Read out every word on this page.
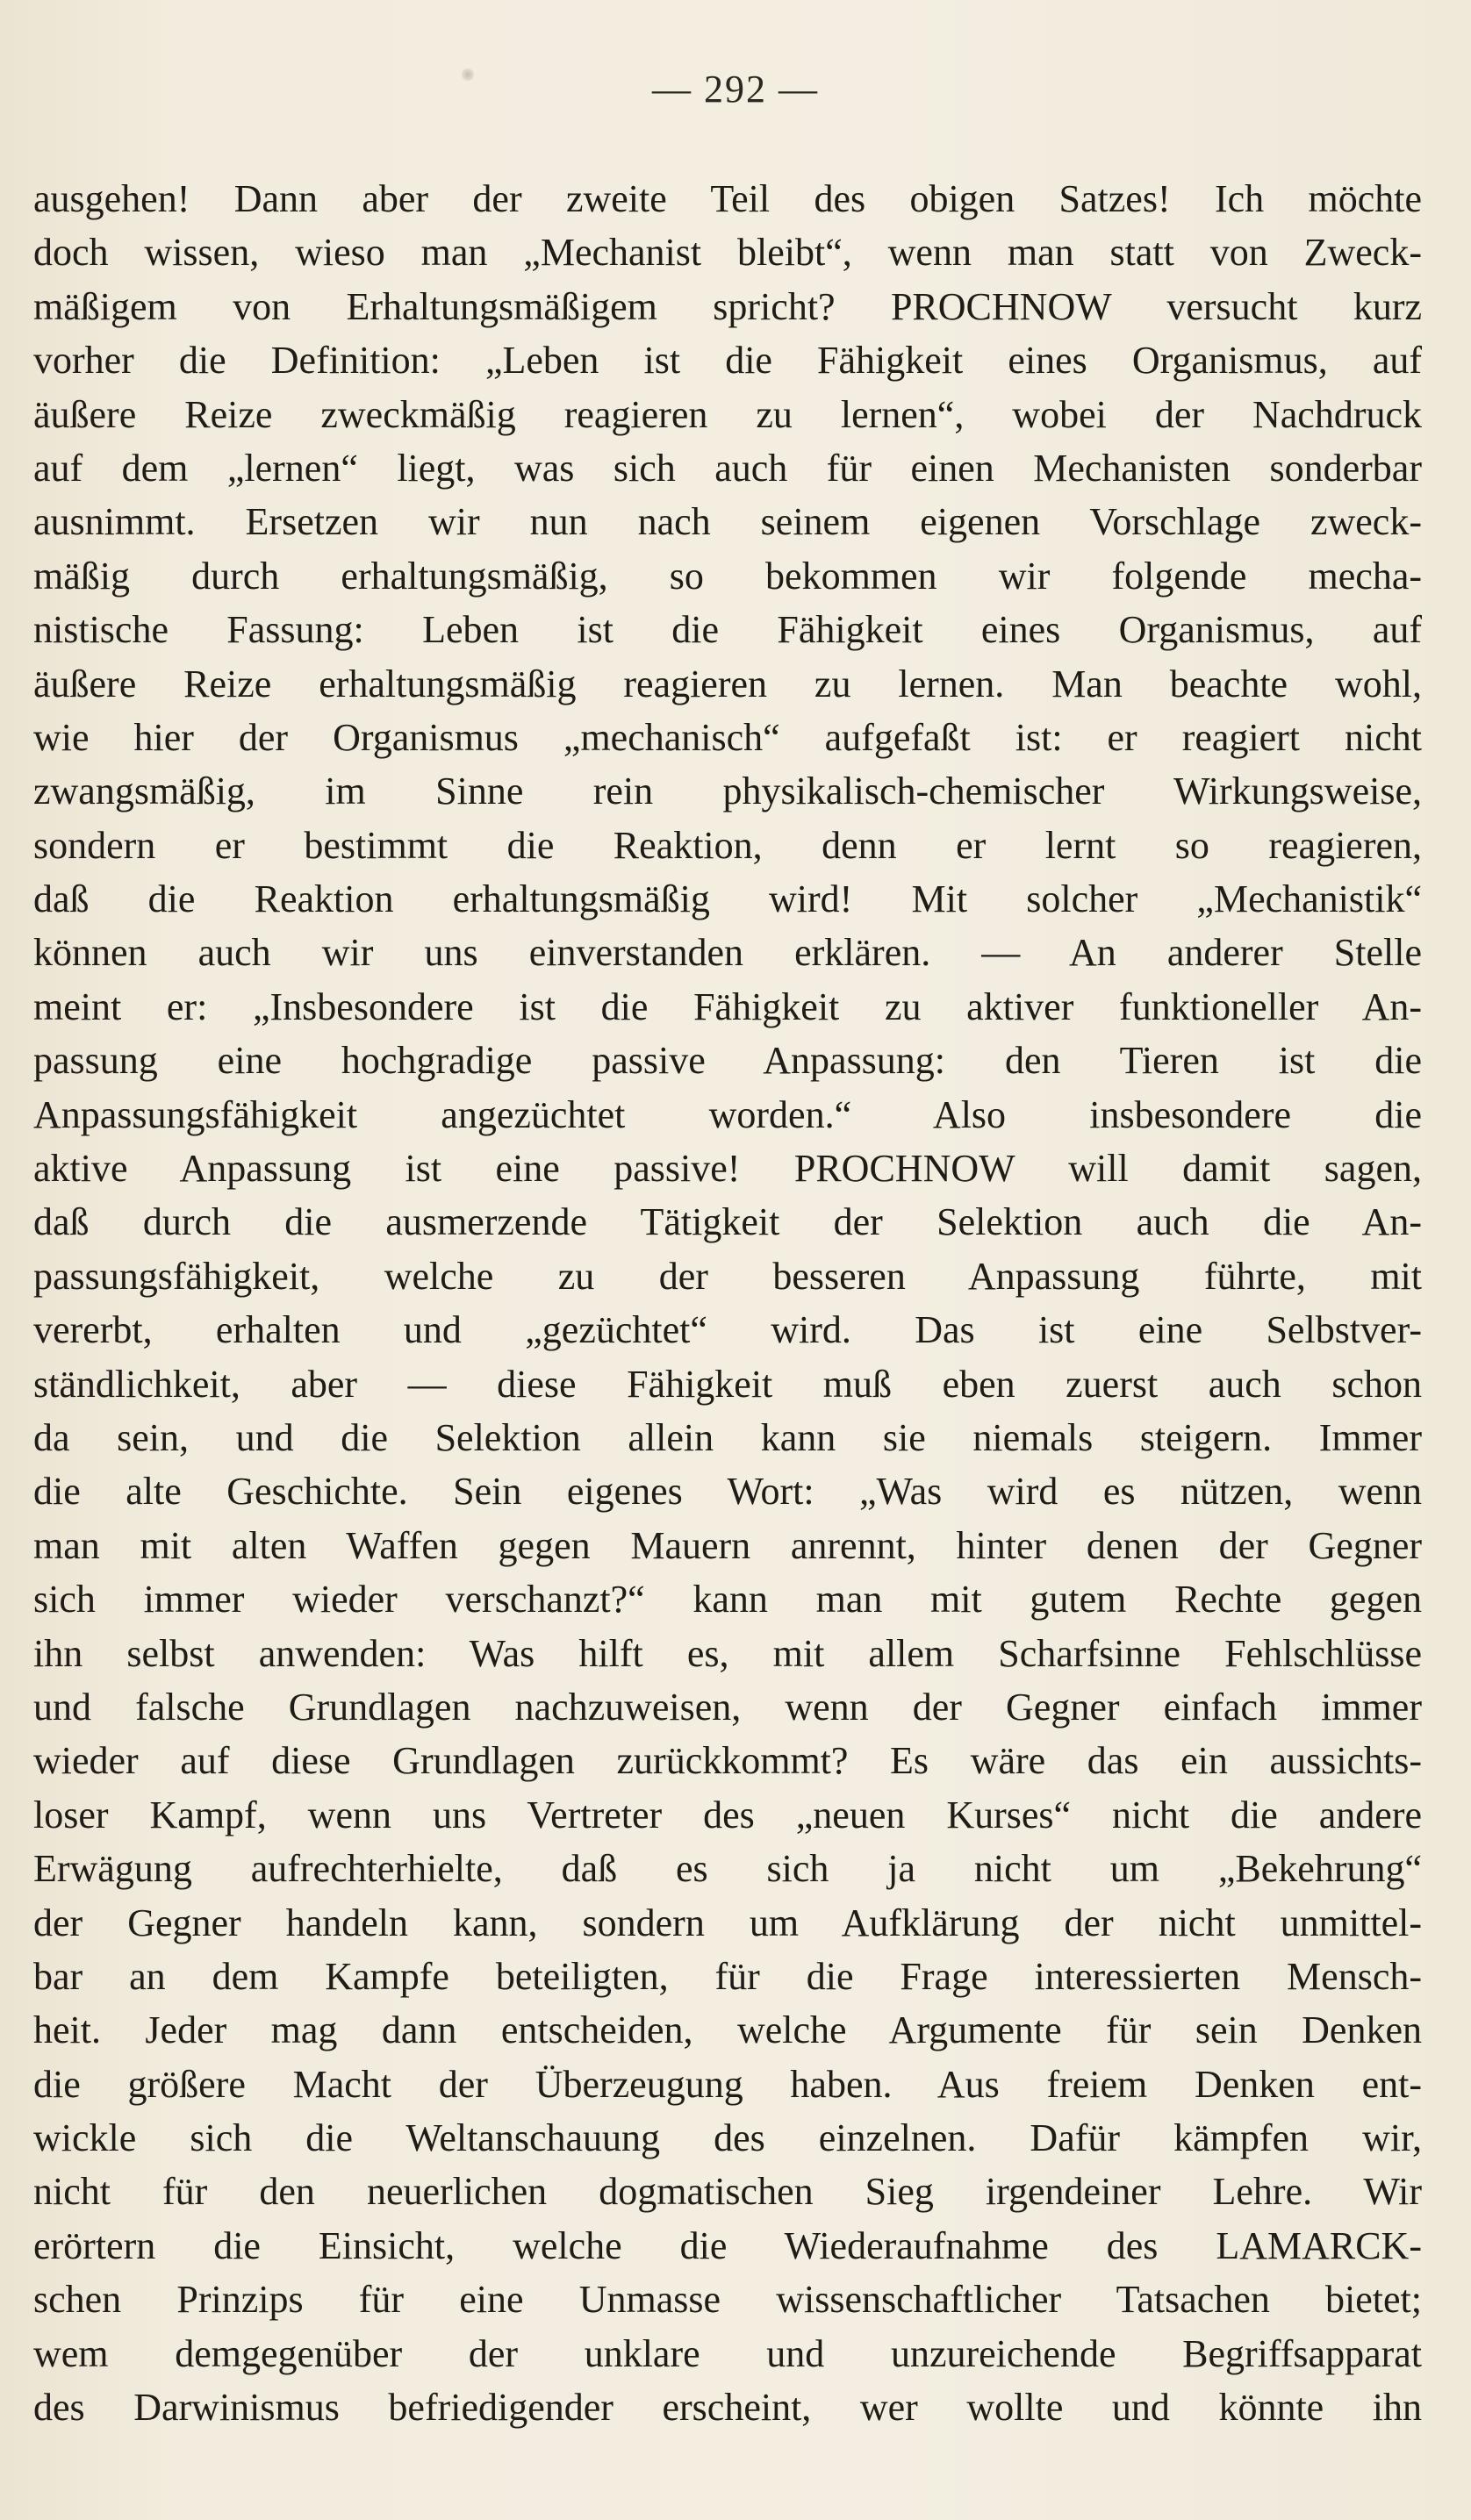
— 292 —
ausgehen! Dann aber der zweite Teil des obigen Satzes! Ich möchte
doch wissen, wieso man „Mechanist bleibt“, wenn man statt von Zweck-
mäßigem von Erhaltungsmäßigem spricht? PROCHNOW versucht kurz
vorher die Definition: „Leben ist die Fähigkeit eines Organismus, auf
äußere Reize zweckmäßig reagieren zu lernen“, wobei der Nachdruck
auf dem „lernen“ liegt, was sich auch für einen Mechanisten sonderbar
ausnimmt. Ersetzen wir nun nach seinem eigenen Vorschlage zweck-
mäßig durch erhaltungsmäßig, so bekommen wir folgende mecha-
nistische Fassung: Leben ist die Fähigkeit eines Organismus, auf
äußere Reize erhaltungsmäßig reagieren zu lernen. Man beachte wohl,
wie hier der Organismus „mechanisch“ aufgefaßt ist: er reagiert nicht
zwangsmäßig, im Sinne rein physikalisch-chemischer Wirkungsweise,
sondern er bestimmt die Reaktion, denn er lernt so reagieren,
daß die Reaktion erhaltungsmäßig wird! Mit solcher „Mechanistik“
können auch wir uns einverstanden erklären. — An anderer Stelle
meint er: „Insbesondere ist die Fähigkeit zu aktiver funktioneller An-
passung eine hochgradige passive Anpassung: den Tieren ist die
Anpassungsfähigkeit angezüchtet worden.“ Also insbesondere die
aktive Anpassung ist eine passive! PROCHNOW will damit sagen,
daß durch die ausmerzende Tätigkeit der Selektion auch die An-
passungsfähigkeit, welche zu der besseren Anpassung führte, mit
vererbt, erhalten und „gezüchtet“ wird. Das ist eine Selbstver-
ständlichkeit, aber — diese Fähigkeit muß eben zuerst auch schon
da sein, und die Selektion allein kann sie niemals steigern. Immer
die alte Geschichte. Sein eigenes Wort: „Was wird es nützen, wenn
man mit alten Waffen gegen Mauern anrennt, hinter denen der Gegner
sich immer wieder verschanzt?“ kann man mit gutem Rechte gegen
ihn selbst anwenden: Was hilft es, mit allem Scharfsinne Fehlschlüsse
und falsche Grundlagen nachzuweisen, wenn der Gegner einfach immer
wieder auf diese Grundlagen zurückkommt? Es wäre das ein aussichts-
loser Kampf, wenn uns Vertreter des „neuen Kurses“ nicht die andere
Erwägung aufrechterhielte, daß es sich ja nicht um „Bekehrung“
der Gegner handeln kann, sondern um Aufklärung der nicht unmittel-
bar an dem Kampfe beteiligten, für die Frage interessierten Mensch-
heit. Jeder mag dann entscheiden, welche Argumente für sein Denken
die größere Macht der Überzeugung haben. Aus freiem Denken ent-
wickle sich die Weltanschauung des einzelnen. Dafür kämpfen wir,
nicht für den neuerlichen dogmatischen Sieg irgendeiner Lehre. Wir
erörtern die Einsicht, welche die Wiederaufnahme des LAMARCK-
schen Prinzips für eine Unmasse wissenschaftlicher Tatsachen bietet;
wem demgegenüber der unklare und unzureichende Begriffsapparat
des Darwinismus befriedigender erscheint, wer wollte und könnte ihn
